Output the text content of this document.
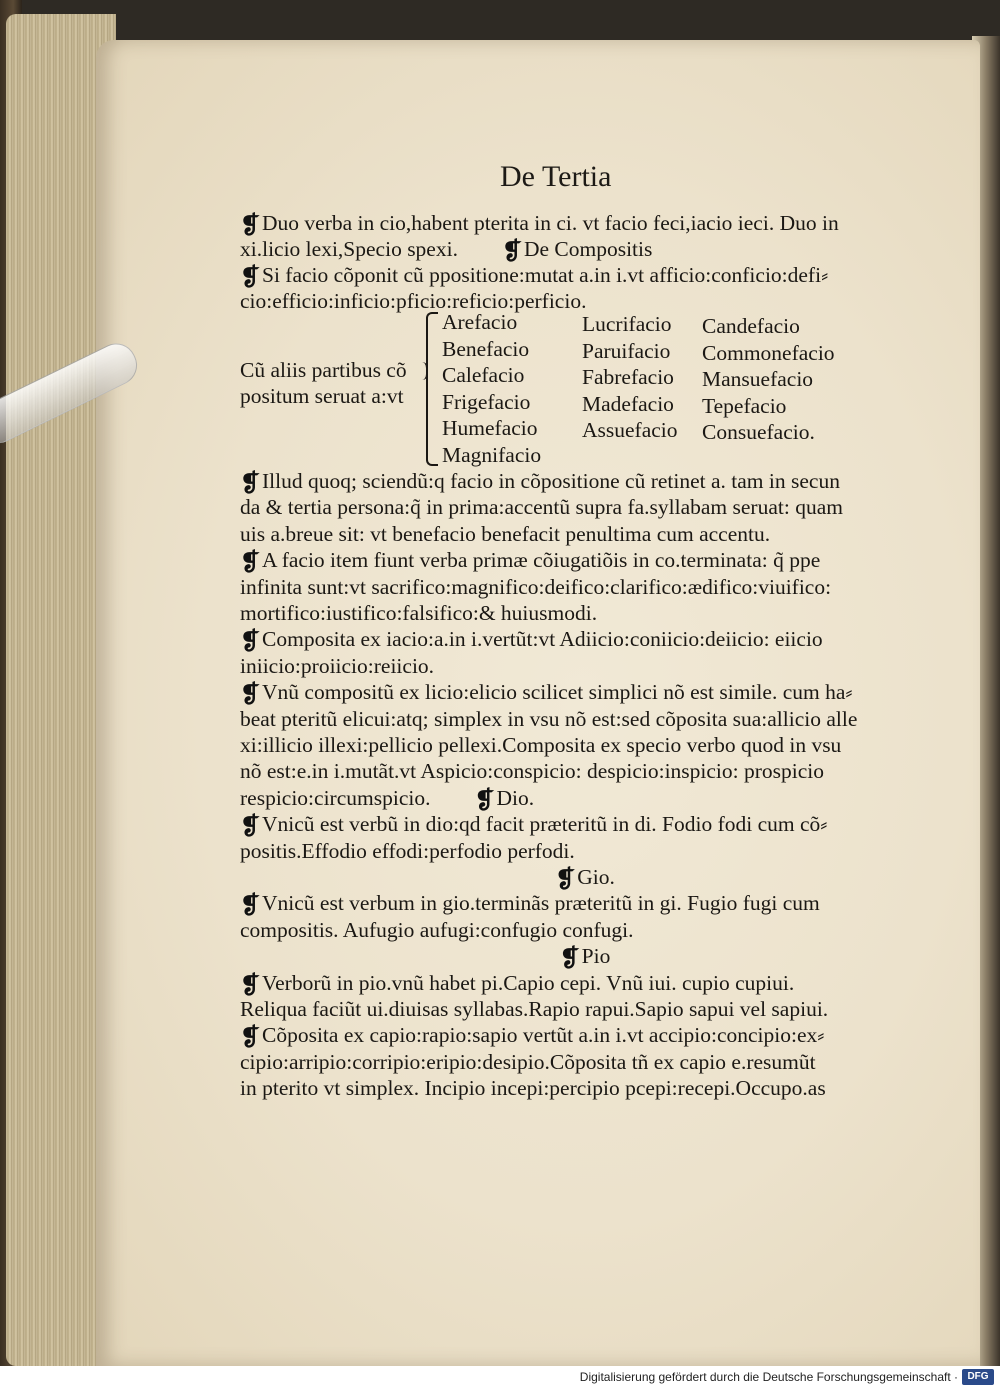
De Tertia
❡Duo verba in cio,habent pterita in ci. vt facio feci,iacio ieci. Duo in
xi.licio lexi,Specio spexi. ❡De Compositis
❡Si facio cõponit cũ ppositione:mutat a.in i.vt afficio:conficio:defi⸗
cio:efficio:inficio:pficio:reficio:perficio.
Cũ aliis partibus cõ
positum seruat a:vt
Arefacio
Benefacio
Calefacio
Frigefacio
Humefacio
Magnifacio
Lucrifacio
Paruifacio
Fabrefacio
Madefacio
Assuefacio
Candefacio
Commonefacio
Mansuefacio
Tepefacio
Consuefacio.
❡Illud quoq; sciendũ:q facio in cõpositione cũ retinet a. tam in secun
da & tertia persona:q̃ in prima:accentũ supra fa.syllabam seruat: quam
uis a.breue sit: vt benefacio benefacit penultima cum accentu.
❡A facio item fiunt verba primæ cõiugatiõis in co.terminata: q̃ ppe
infinita sunt:vt sacrifico:magnifico:deifico:clarifico:ædifico:viuifico:
mortifico:iustifico:falsifico:& huiusmodi.
❡Composita ex iacio:a.in i.vertũt:vt Adiicio:coniicio:deiicio: eiicio
iniicio:proiicio:reiicio.
❡Vnũ compositũ ex licio:elicio scilicet simplici nõ est simile. cum ha⸗
beat pteritũ elicui:atq; simplex in vsu nõ est:sed cõposita sua:allicio alle
xi:illicio illexi:pellicio pellexi.Composita ex specio verbo quod in vsu
nõ est:e.in i.mutãt.vt Aspicio:conspicio: despicio:inspicio: prospicio
respicio:circumspicio. ❡Dio.
❡Vnicũ est verbũ in dio:qd facit præteritũ in di. Fodio fodi cum cõ⸗
positis.Effodio effodi:perfodio perfodi.
❡Gio.
❡Vnicũ est verbum in gio.terminãs præteritũ in gi. Fugio fugi cum
compositis. Aufugio aufugi:confugio confugi.
❡Pio
❡Verborũ in pio.vnũ habet pi.Capio cepi. Vnũ iui. cupio cupiui.
Reliqua faciũt ui.diuisas syllabas.Rapio rapui.Sapio sapui vel sapiui.
❡Cõposita ex capio:rapio:sapio vertũt a.in i.vt accipio:concipio:ex⸗
cipio:arripio:corripio:eripio:desipio.Cõposita tñ ex capio e.resumũt
in pterito vt simplex. Incipio incepi:percipio pcepi:recepi.Occupo.as
Digitalisierung gefördert durch die Deutsche Forschungsgemeinschaft · DFG
